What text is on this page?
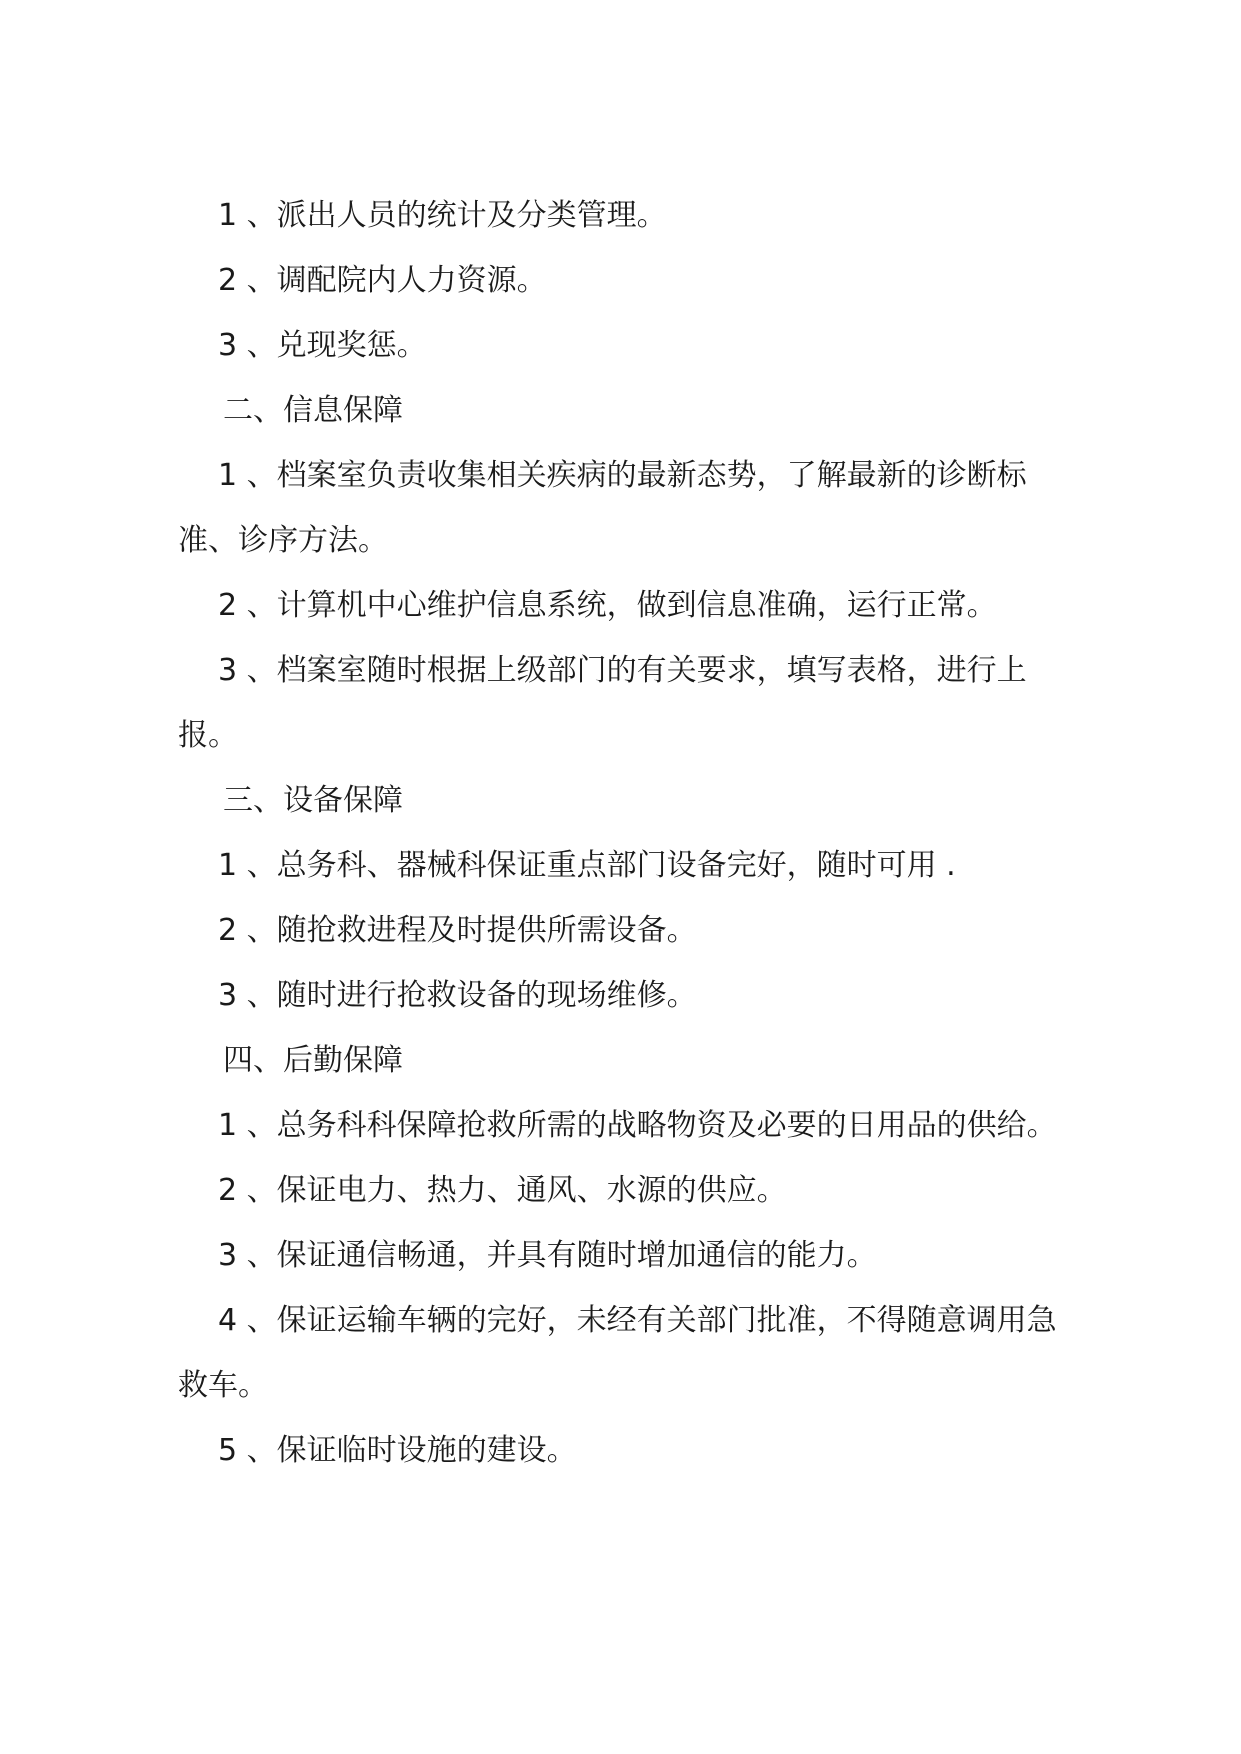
1 、派出人员的统计及分类管理。

2 、调配院内人力资源。

3 、兑现奖惩。

二、信息保障

1 、档案室负责收集相关疾病的最新态势，了解最新的诊断标准、诊序方法。

2 、计算机中心维护信息系统，做到信息准确，运行正常。

3 、档案室随时根据上级部门的有关要求，填写表格，进行上报。

三、设备保障

1 、总务科、器械科保证重点部门设备完好，随时可用 .

2 、随抢救进程及时提供所需设备。

3 、随时进行抢救设备的现场维修。

四、后勤保障

1 、总务科科保障抢救所需的战略物资及必要的日用品的供给。

2 、保证电力、热力、通风、水源的供应。

3 、保证通信畅通，并具有随时增加通信的能力。

4 、保证运输车辆的完好，未经有关部门批准，不得随意调用急救车。

5 、保证临时设施的建设。
